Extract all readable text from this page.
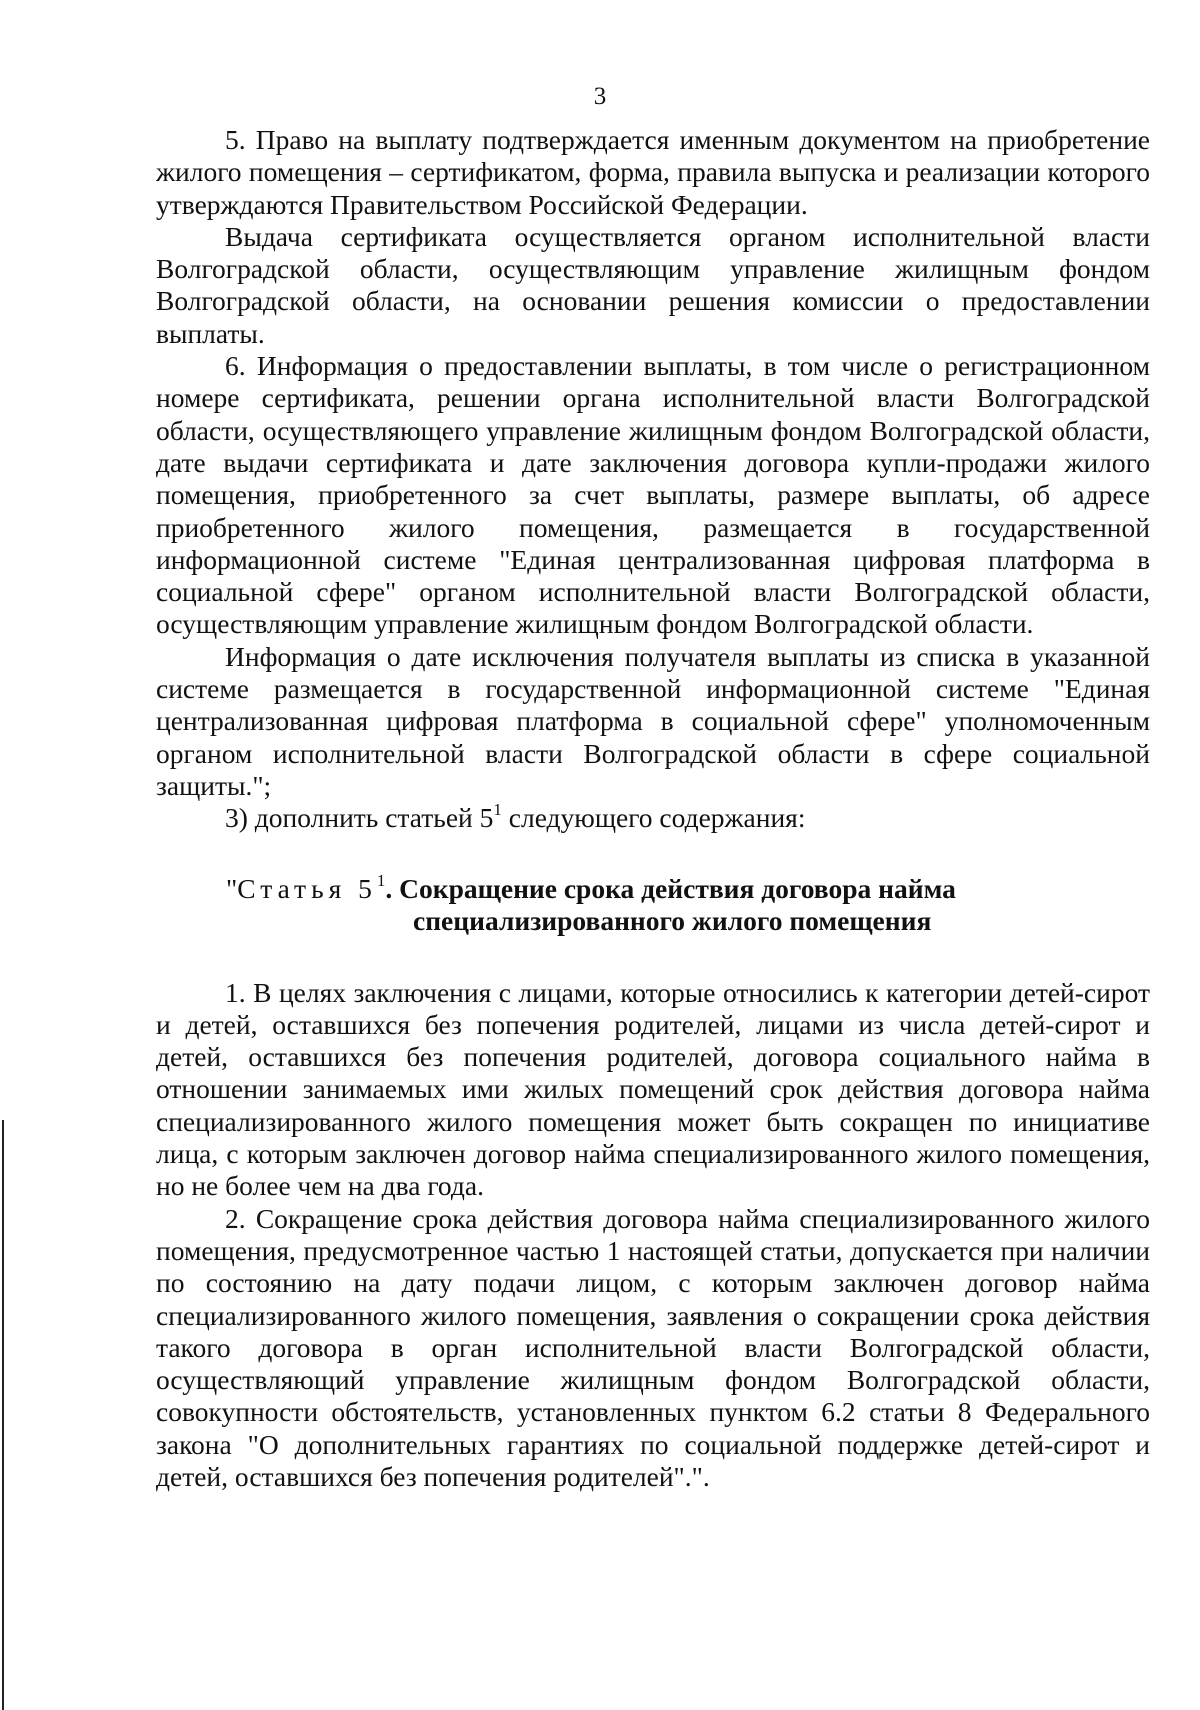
3

5. Право на выплату подтверждается именным документом на приобретение жилого помещения – сертификатом, форма, правила выпуска и реализации которого утверждаются Правительством Российской Федерации.

Выдача сертификата осуществляется органом исполнительной власти Волгоградской области, осуществляющим управление жилищным фондом Волгоградской области, на основании решения комиссии о предоставлении выплаты.

6. Информация о предоставлении выплаты, в том числе о регистрационном номере сертификата, решении органа исполнительной власти Волгоградской области, осуществляющего управление жилищным фондом Волгоградской области, дате выдачи сертификата и дате заключения договора купли-продажи жилого помещения, приобретенного за счет выплаты, размере выплаты, об адресе приобретенного жилого помещения, размещается в государственной информационной системе "Единая централизованная цифровая платформа в социальной сфере" органом исполнительной власти Волгоградской области, осуществляющим управление жилищным фондом Волгоградской области.

Информация о дате исключения получателя выплаты из списка в указанной системе размещается в государственной информационной системе "Единая централизованная цифровая платформа в социальной сфере" уполномоченным органом исполнительной власти Волгоградской области в сфере социальной защиты.";

3) дополнить статьей $5^1$ следующего содержания:

"Статья $5^1$. Сокращение срока действия договора найма
специализированного жилого помещения

1. В целях заключения с лицами, которые относились к категории детей-сирот и детей, оставшихся без попечения родителей, лицами из числа детей-сирот и детей, оставшихся без попечения родителей, договора социального найма в отношении занимаемых ими жилых помещений срок действия договора найма специализированного жилого помещения может быть сокращен по инициативе лица, с которым заключен договор найма специализированного жилого помещения, но не более чем на два года.

2. Сокращение срока действия договора найма специализированного жилого помещения, предусмотренное частью 1 настоящей статьи, допускается при наличии по состоянию на дату подачи лицом, с которым заключен договор найма специализированного жилого помещения, заявления о сокращении срока действия такого договора в орган исполнительной власти Волгоградской области, осуществляющий управление жилищным фондом Волгоградской области, совокупности обстоятельств, установленных пунктом 6.2 статьи 8 Федерального закона "О дополнительных гарантиях по социальной поддержке детей-сирот и детей, оставшихся без попечения родителей".".
